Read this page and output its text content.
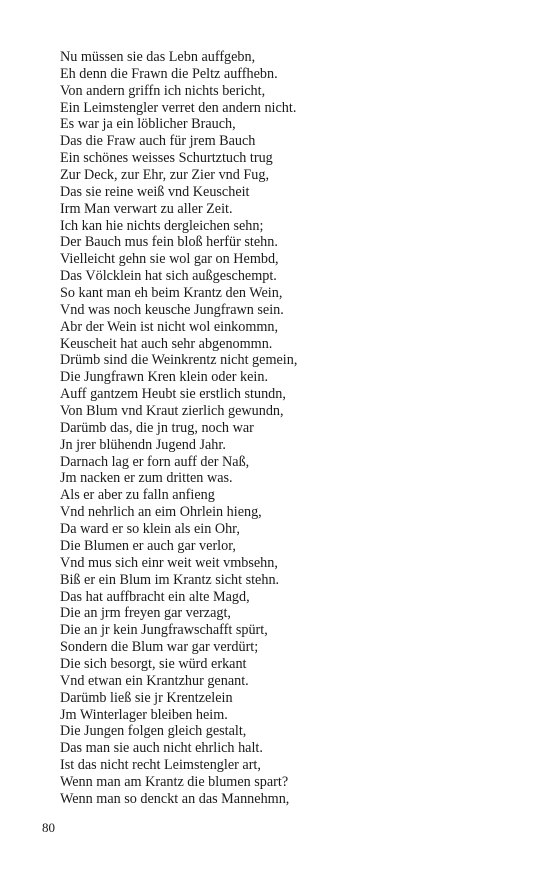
Nu müssen sie das Lebn auffgebn,
Eh denn die Frawn die Peltz auffhebn.
Von andern griffn ich nichts bericht,
Ein Leimstengler verret den andern nicht.
Es war ja ein löblicher Brauch,
Das die Fraw auch für jrem Bauch
Ein schönes weisses Schurtztuch trug
Zur Deck, zur Ehr, zur Zier vnd Fug,
Das sie reine weiß vnd Keuscheit
Irm Man verwart zu aller Zeit.
Ich kan hie nichts dergleichen sehn;
Der Bauch mus fein bloß herfür stehn.
Vielleicht gehn sie wol gar on Hembd,
Das Völcklein hat sich außgeschempt.
So kant man eh beim Krantz den Wein,
Vnd was noch keusche Jungfrawn sein.
Abr der Wein ist nicht wol einkommn,
Keuscheit hat auch sehr abgenommn.
Drümb sind die Weinkrentz nicht gemein,
Die Jungfrawn Kren klein oder kein.
Auff gantzem Heubt sie erstlich stundn,
Von Blum vnd Kraut zierlich gewundn,
Darümb das, die jn trug, noch war
Jn jrer blühendn Jugend Jahr.
Darnach lag er forn auff der Naß,
Jm nacken er zum dritten was.
Als er aber zu falln anfieng
Vnd nehrlich an eim Ohrlein hieng,
Da ward er so klein als ein Ohr,
Die Blumen er auch gar verlor,
Vnd mus sich einr weit weit vmbsehn,
Biß er ein Blum im Krantz sicht stehn.
Das hat auffbracht ein alte Magd,
Die an jrm freyen gar verzagt,
Die an jr kein Jungfrawschafft spürt,
Sondern die Blum war gar verdürt;
Die sich besorgt, sie würd erkant
Vnd etwan ein Krantzhur genant.
Darümb ließ sie jr Krentzelein
Jm Winterlager bleiben heim.
Die Jungen folgen gleich gestalt,
Das man sie auch nicht ehrlich halt.
Ist das nicht recht Leimstengler art,
Wenn man am Krantz die blumen spart?
Wenn man so denckt an das Mannehmn,
80
